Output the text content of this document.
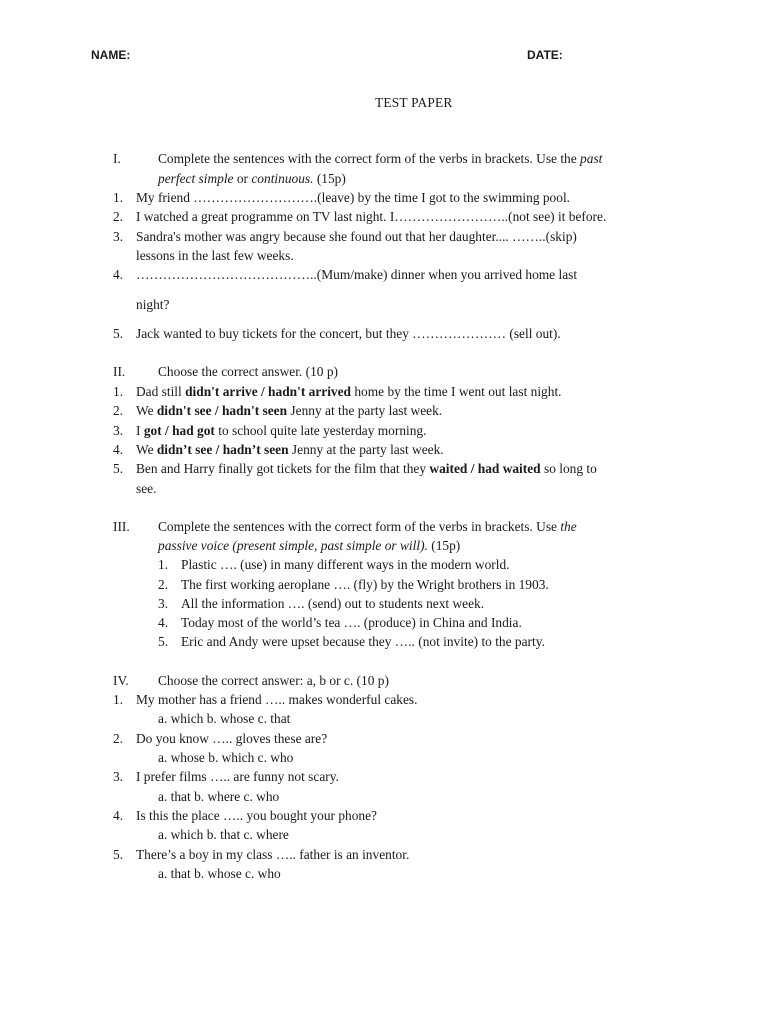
NAME:	DATE:
TEST PAPER
I.	Complete the sentences with the correct form of the verbs in brackets. Use the past
perfect simple or continuous. (15p)
1. My friend ……………………….(leave) by the time I got to the swimming pool.
2. I watched a great programme on TV last night. I……………………..(not see) it before.
3. Sandra's mother was angry because she found out that her daughter.... ……..(skip)
lessons in the last few weeks.
4. …………………………………..(Mum/make) dinner when you arrived home last
night?
5. Jack wanted to buy tickets for the concert, but they ………………… (sell out).
II. Choose the correct answer. (10 p)
1. Dad still didn't arrive / hadn't arrived home by the time I went out last night.
2. We didn't see / hadn't seen Jenny at the party last week.
3. I got / had got to school quite late yesterday morning.
4. We didn’t see / hadn’t seen Jenny at the party last week.
5. Ben and Harry finally got tickets for the film that they waited / had waited so long to
see.
III. Complete the sentences with the correct form of the verbs in brackets. Use the
passive voice (present simple, past simple or will). (15p)
1. Plastic …. (use) in many different ways in the modern world.
2. The first working aeroplane …. (fly) by the Wright brothers in 1903.
3. All the information …. (send) out to students next week.
4. Today most of the world’s tea …. (produce) in China and India.
5. Eric and Andy were upset because they ….. (not invite) to the party.
IV. Choose the correct answer: a, b or c. (10 p)
1. My mother has a friend ….. makes wonderful cakes.
a. which b. whose c. that
2. Do you know ….. gloves these are?
a. whose b. which c. who
3. I prefer films ….. are funny not scary.
a. that b. where c. who
4. Is this the place ….. you bought your phone?
a. which b. that c. where
5. There’s a boy in my class ….. father is an inventor.
a. that b. whose c. who
